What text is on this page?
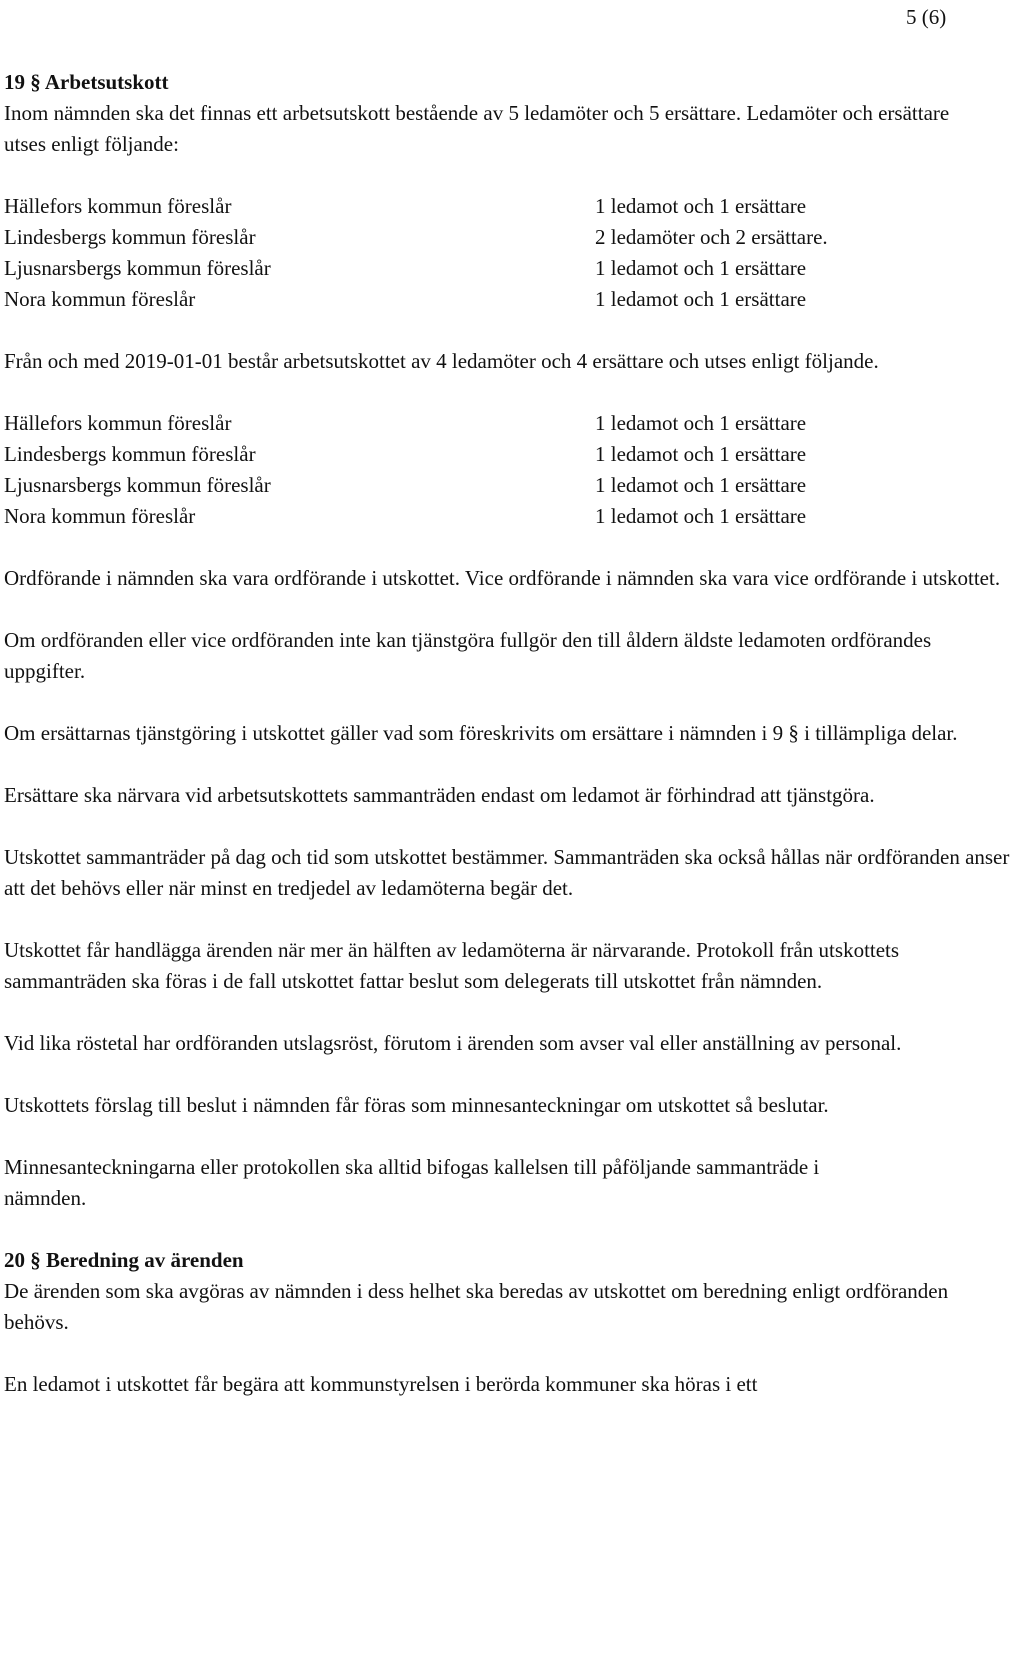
5 (6)
19 § Arbetsutskott

Inom nämnden ska det finnas ett arbetsutskott bestående av 5 ledamöter och 5 ersättare. Ledamöter och ersättare utses enligt följande:

Hällefors kommun föreslår	1 ledamot och 1 ersättare
Lindesbergs kommun föreslår	2 ledamöter och 2 ersättare.
Ljusnarsbergs kommun föreslår	1 ledamot och 1 ersättare
Nora kommun föreslår	1 ledamot och 1 ersättare

Från och med 2019-01-01 består arbetsutskottet av 4 ledamöter och 4 ersättare och utses enligt följande.

Hällefors kommun föreslår	1 ledamot och 1 ersättare
Lindesbergs kommun föreslår	1 ledamot och 1 ersättare
Ljusnarsbergs kommun föreslår	1 ledamot och 1 ersättare
Nora kommun föreslår	1 ledamot och 1 ersättare

Ordförande i nämnden ska vara ordförande i utskottet. Vice ordförande i nämnden ska vara vice ordförande i utskottet.

Om ordföranden eller vice ordföranden inte kan tjänstgöra fullgör den till åldern äldste ledamoten ordförandes uppgifter.

Om ersättarnas tjänstgöring i utskottet gäller vad som föreskrivits om ersättare i nämnden i 9 § i tillämpliga delar.

Ersättare ska närvara vid arbetsutskottets sammanträden endast om ledamot är förhindrad att tjänstgöra.

Utskottet sammanträder på dag och tid som utskottet bestämmer. Sammanträden ska också hållas när ordföranden anser att det behövs eller när minst en tredjedel av ledamöterna begär det.

Utskottet får handlägga ärenden när mer än hälften av ledamöterna är närvarande. Protokoll från utskottets sammanträden ska föras i de fall utskottet fattar beslut som delegerats till utskottet från nämnden.

Vid lika röstetal har ordföranden utslagsröst, förutom i ärenden som avser val eller anställning av personal.

Utskottets förslag till beslut i nämnden får föras som minnesanteckningar om utskottet så beslutar.

Minnesanteckningarna eller protokollen ska alltid bifogas kallelsen till påföljande sammanträde i nämnden.

20 § Beredning av ärenden

De ärenden som ska avgöras av nämnden i dess helhet ska beredas av utskottet om beredning enligt ordföranden behövs.

En ledamot i utskottet får begära att kommunstyrelsen i berörda kommuner ska höras i ett
